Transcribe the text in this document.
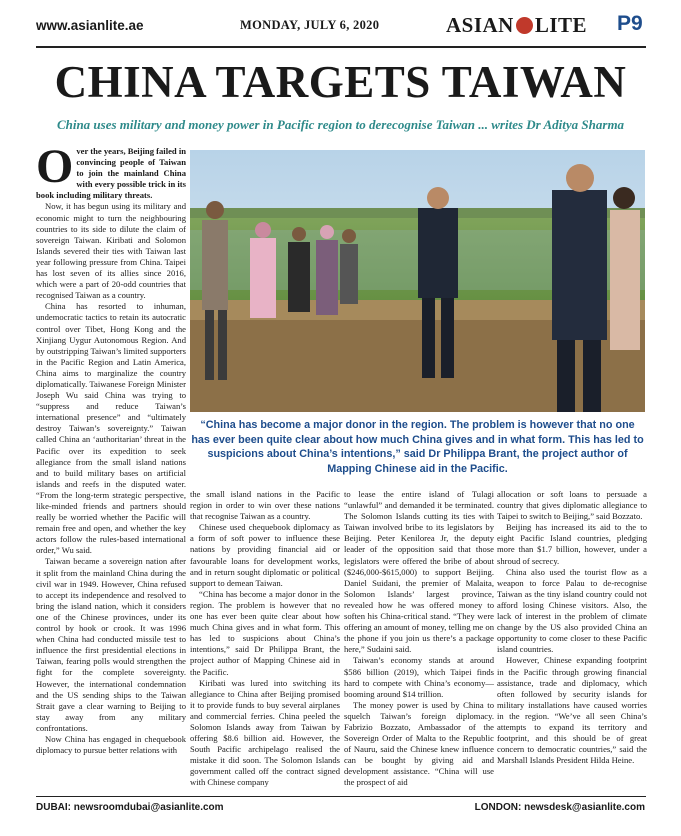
www.asianlite.ae	MONDAY, JULY 6, 2020	ASIAN LITE P9
CHINA TARGETS TAIWAN
China uses military and money power in Pacific region to derecognise Taiwan ... writes Dr Aditya Sharma

Over the years, Beijing failed in convincing people of Taiwan to join the mainland China with every possible trick in its book including military threats.

Now, it has begun using its military and economic might to turn the neighbouring countries to its side to dilute the claim of sovereign Taiwan. Kiribati and Solomon Islands severed their ties with Taiwan last year following pressure from China. Taipei has lost seven of its allies since 2016, which were a part of 20-odd countries that recognised Taiwan as a country.

China has resorted to inhuman, undemocratic tactics to retain its autocratic control over Tibet, Hong Kong and the Xinjiang Uygur Autonomous Region. And by outstripping Taiwan’s limited supporters in the Pacific Region and Latin America, China aims to marginalize the country diplomatically. Taiwanese Foreign Minister Joseph Wu said China was trying to “suppress and reduce Taiwan’s international presence” and “ultimately destroy Taiwan’s sovereignty.” Taiwan called China an ‘authoritarian’ threat in the Pacific over its expedition to seek allegiance from the small island nations and to build military bases on artificial islands and reefs in the disputed water. “From the long-term strategic perspective, like-minded friends and partners should really be worried whether the Pacific will remain free and open, and whether the key actors follow the rules-based international order,” Wu said.

Taiwan became a sovereign nation after it split from the mainland China during the civil war in 1949. However, China refused to accept its independence and resolved to bring the island nation, which it considers one of the Chinese provinces, under its control by hook or crook. It was 1996 when China had conducted missile test to influence the first presidential elections in Taiwan, fearing polls would strengthen the fight for the complete sovereignty. However, the international condemnation and the US sending ships to the Taiwan Strait gave a clear warning to Beijing to stay away from any military confrontations.

Now China has engaged in chequebook diplomacy to pursue better relations with

“China has become a major donor in the region. The problem is however that no one has ever been quite clear about how much China gives and in what form. This has led to suspicions about China’s intentions,” said Dr Philippa Brant, the project author of Mapping Chinese aid in the Pacific.

the small island nations in the Pacific region in order to win over these nations that recognise Taiwan as a country.

Chinese used chequebook diplomacy as a form of soft power to influence these nations by providing financial aid or favourable loans for development works, and in return sought diplomatic or political support to demean Taiwan.

“China has become a major donor in the region. The problem is however that no one has ever been quite clear about how much China gives and in what form. This has led to suspicions about China’s intentions,” said Dr Philippa Brant, the project author of Mapping Chinese aid in the Pacific.

Kiribati was lured into switching its allegiance to China after Beijing promised it to provide funds to buy several airplanes and commercial ferries. China peeled the Solomon Islands away from Taiwan by offering $8.6 billion aid. However, the South Pacific archipelago realised the mistake it did soon. The Solomon Islands government called off the contract signed with Chinese company

to lease the entire island of Tulagi “unlawful” and demanded it be terminated. The Solomon Islands cutting its ties with Taiwan involved bribe to its legislators by Beijing. Peter Kenilorea Jr, the deputy leader of the opposition said that those legislators were offered the bribe of about ($246,000-$615,000) to support Beijing. Daniel Suidani, the premier of Malaita, Solomon Islands’ largest province, revealed how he was offered money to soften his China-critical stand. “They were offering an amount of money, telling me on the phone if you join us there’s a package here,” Sudaini said.

Taiwan’s economy stands at around $586 billion (2019), which Taipei finds hard to compete with China’s economy—booming around $14 trillion.

The money power is used by China to squelch Taiwan’s foreign diplomacy. Fabrizio Bozzato, Ambassador of the Sovereign Order of Malta to the Republic of Nauru, said the Chinese knew influence can be bought by giving aid and development assistance. “China will use the prospect of aid

allocation or soft loans to persuade a country that gives diplomatic allegiance to Taipei to switch to Beijing,” said Bozzato.

Beijing has increased its aid to the to eight Pacific Island countries, pledging more than $1.7 billion, however, under a shroud of secrecy.

China also used the tourist flow as a weapon to force Palau to de-recognise Taiwan as the tiny island country could not afford losing Chinese visitors. Also, the lack of interest in the problem of climate change by the US also provided China an opportunity to come closer to these Pacific island countries.

However, Chinese expanding footprint in the Pacific through growing financial assistance, trade and diplomacy, which often followed by security islands for military installations have caused worries in the region. “We’ve all seen China’s attempts to expand its territory and footprint, and this should be of great concern to democratic countries,” said the Marshall Islands President Hilda Heine.

DUBAI: newsroomdubai@asianlite.com	LONDON: newsdesk@asianlite.com
